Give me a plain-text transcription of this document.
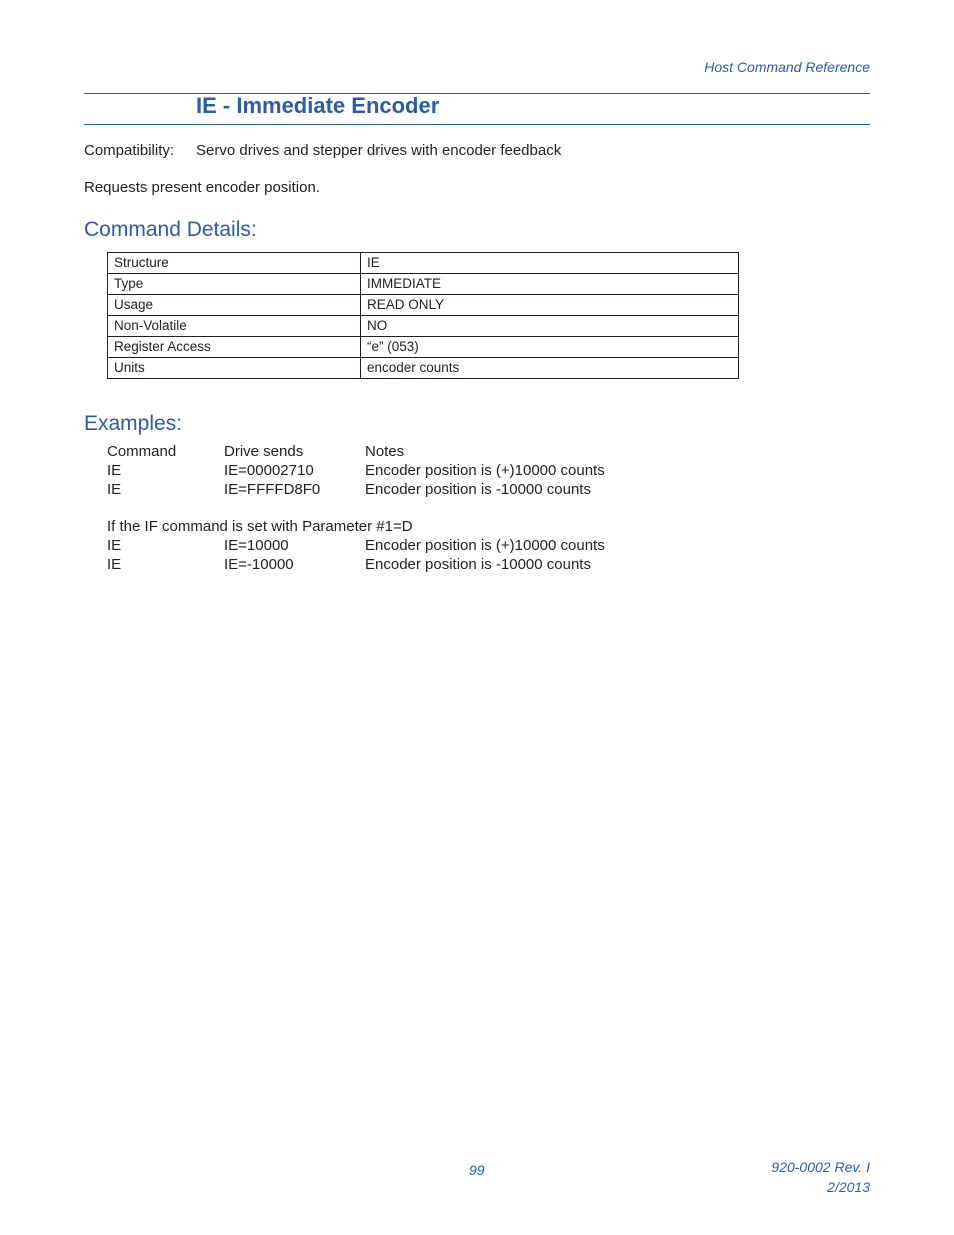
Host Command Reference
IE - Immediate Encoder
Compatibility: Servo drives and stepper drives with encoder feedback
Requests present encoder position.
Command Details:
Structure	IE
Type	IMMEDIATE
Usage	READ ONLY
Non-Volatile	NO
Register Access	“e” (053)
Units	encoder counts
Examples:
Command	Drive sends	Notes
IE	IE=00002710	Encoder position is (+)10000 counts
IE	IE=FFFFD8F0	Encoder position is -10000 counts
If the IF command is set with Parameter #1=D
IE	IE=10000	Encoder position is (+)10000 counts
IE	IE=-10000	Encoder position is -10000 counts
99	920-0002 Rev. I
2/2013
